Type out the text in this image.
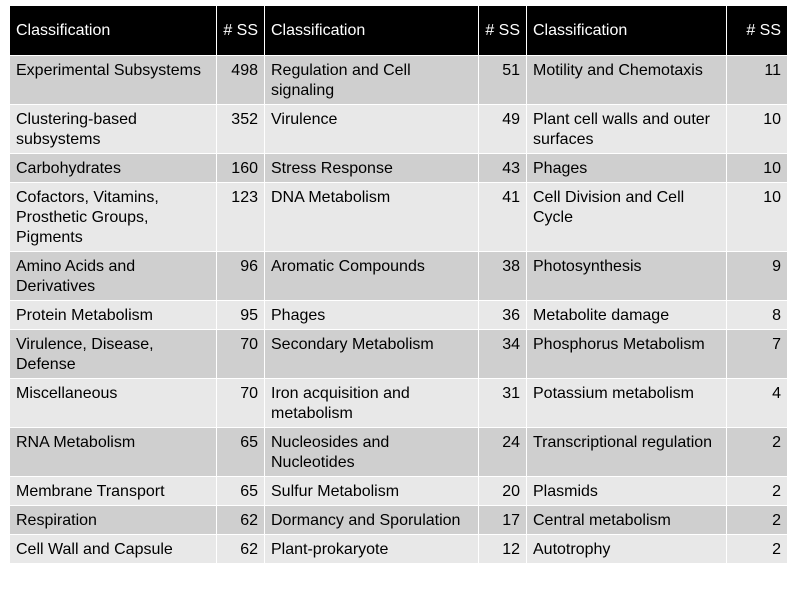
Classification	# SS	Classification	# SS	Classification	# SS
Experimental Subsystems	498	Regulation and Cell signaling	51	Motility and Chemotaxis	11
Clustering-based subsystems	352	Virulence	49	Plant cell walls and outer surfaces	10
Carbohydrates	160	Stress Response	43	Phages	10
Cofactors, Vitamins, Prosthetic Groups, Pigments	123	DNA Metabolism	41	Cell Division and Cell Cycle	10
Amino Acids and Derivatives	96	Aromatic Compounds	38	Photosynthesis	9
Protein Metabolism	95	Phages	36	Metabolite damage	8
Virulence, Disease, Defense	70	Secondary Metabolism	34	Phosphorus Metabolism	7
Miscellaneous	70	Iron acquisition and metabolism	31	Potassium metabolism	4
RNA Metabolism	65	Nucleosides and Nucleotides	24	Transcriptional regulation	2
Membrane Transport	65	Sulfur Metabolism	20	Plasmids	2
Respiration	62	Dormancy and Sporulation	17	Central metabolism	2
Cell Wall and Capsule	62	Plant-prokaryote	12	Autotrophy	2
